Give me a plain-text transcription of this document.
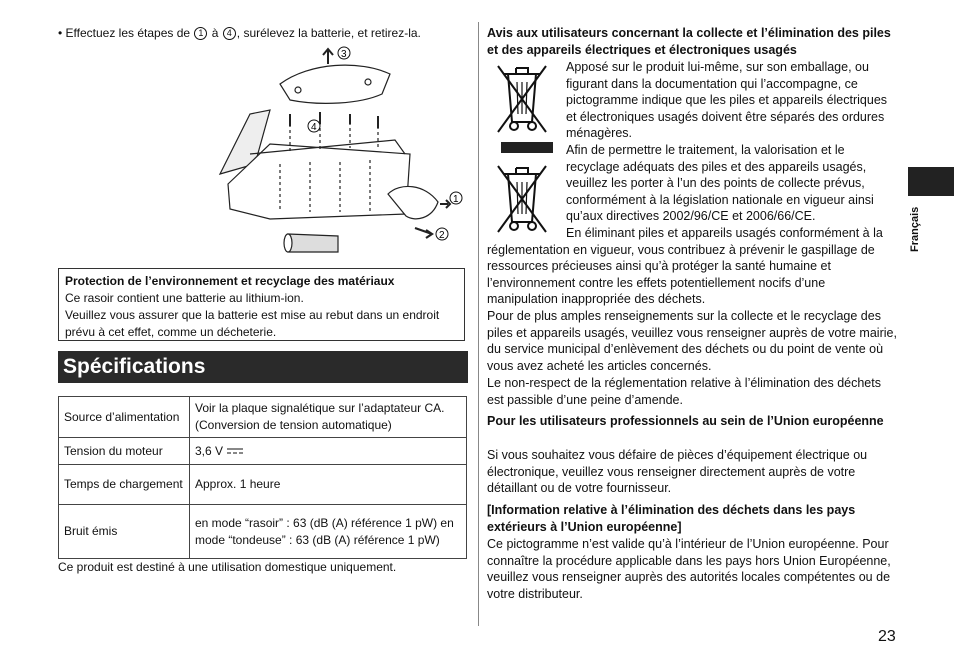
• Effectuez les étapes de 1 à 4 , surélevez la batterie, et retirez-la.
3
4
1
2
Protection de l’environnement et recyclage des matériaux
Ce rasoir contient une batterie au lithium-ion.
Veuillez vous assurer que la batterie est mise au rebut dans un endroit prévu à cet effet, comme un décheterie.
Spécifications
Source d’alimentation	Voir la plaque signalétique sur l’adaptateur CA. (Conversion de tension automatique)
Tension du moteur	3,6 V
Temps de chargement	Approx. 1 heure
Bruit émis	en mode “rasoir” : 63 (dB (A) référence 1 pW) en mode “tondeuse” : 63 (dB (A) référence 1 pW)
Ce produit est destiné à une utilisation domestique uniquement.
Avis aux utilisateurs concernant la collecte et l’élimination des piles et des appareils électriques et électroniques usagés
Apposé sur le produit lui-même, sur son emballage, ou figurant dans la documentation qui l’accompagne, ce pictogramme indique que les piles et appareils électriques et électroniques usagés doivent être séparés des ordures ménagères.
Afin de permettre le traitement, la valorisation et le recyclage adéquats des piles et des appareils usagés, veuillez les porter à l’un des points de collecte prévus, conformément à la législation nationale en vigueur ainsi qu’aux directives 2002/96/CE et 2006/66/CE.
En éliminant piles et appareils usagés conformément à la réglementation en vigueur, vous contribuez à prévenir le gaspillage de ressources précieuses ainsi qu’à protéger la santé humaine et l’environnement contre les effets potentiellement nocifs d’une manipulation inappropriée des déchets.
Pour de plus amples renseignements sur la collecte et le recyclage des piles et appareils usagés, veuillez vous renseigner auprès de votre mairie, du service municipal d’enlèvement des déchets ou du point de vente où vous avez acheté les articles concernés.
Le non-respect de la réglementation relative à l’élimination des déchets est passible d’une peine d’amende.
Pour les utilisateurs professionnels au sein de l’Union européenne
Si vous souhaitez vous défaire de pièces d’équipement électrique ou électronique, veuillez vous renseigner directement auprès de votre détaillant ou de votre fournisseur.
[Information relative à l’élimination des déchets dans les pays extérieurs à l’Union européenne]
Ce pictogramme n’est valide qu’à l’intérieur de l’Union européenne. Pour connaître la procédure applicable dans les pays hors Union Européenne, veuillez vous renseigner auprès des autorités locales compétentes ou de votre distributeur.
Français
23
